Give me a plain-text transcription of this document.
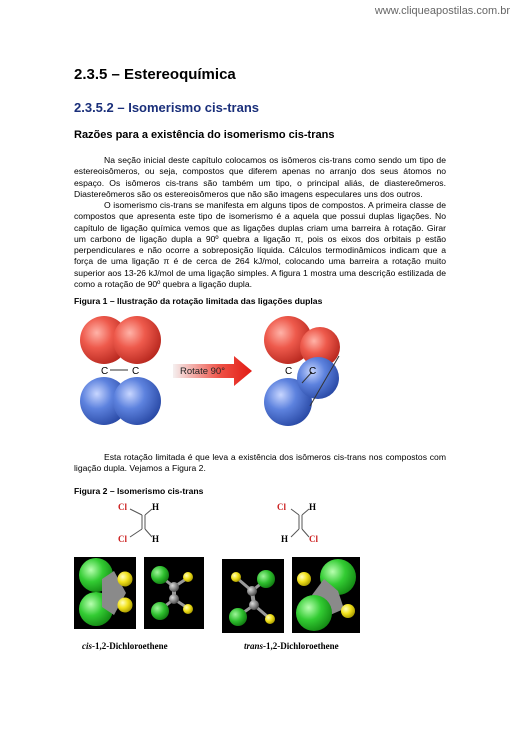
www.cliqueapostilas.com.br
2.3.5 – Estereoquímica
2.3.5.2 – Isomerismo cis-trans
Razões para a existência do isomerismo cis-trans
Na seção inicial deste capítulo colocamos os isômeros cis-trans como sendo um tipo de estereoisômeros, ou seja, compostos que diferem apenas no arranjo dos seus átomos no espaço. Os isômeros cis-trans são também um tipo, o principal aliás, de diastereômeros. Diastereômeros são os estereoisômeros que não são imagens especulares uns dos outros.
O isomerismo cis-trans se manifesta em alguns tipos de compostos. A primeira classe de compostos que apresenta este tipo de isomerismo é a aquela que possui duplas ligações. No capítulo de ligação química vemos que as ligações duplas criam uma barreira à rotação. Girar um carbono de ligação dupla a 90º quebra a ligação π, pois os eixos dos orbitais p estão perpendiculares e não ocorre a sobreposição líquida. Cálculos termodinâmicos indicam que a força de uma ligação π é de cerca de 264 kJ/mol, colocando uma barreira a rotação muito superior aos 13-26 kJ/mol de uma ligação simples. A figura 1 mostra uma descrição estilizada de como a rotação de 90º quebra a ligação dupla.
Figura 1 – Ilustração da rotação limitada das ligações duplas
C C	Rotate 90°	C C
Esta rotação limitada é que leva a existência dos isômeros cis-trans nos compostos com ligação dupla. Vejamos a Figura 2.
Figura 2 – Isomerismo cis-trans
Cl	H
Cl	H
Cl	H
H Cl
cis-1,2-Dichloroethene	trans-1,2-Dichloroethene
